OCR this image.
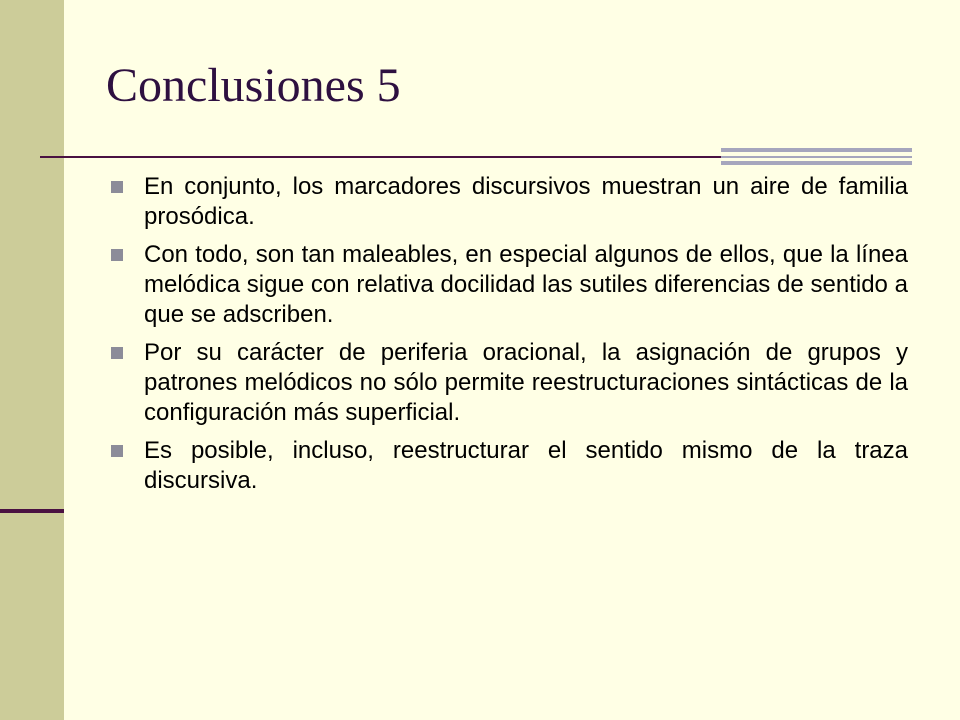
Conclusiones 5
En conjunto, los marcadores discursivos muestran un aire de familia prosódica.
Con todo, son tan maleables, en especial algunos de ellos, que la línea melódica sigue con relativa docilidad las sutiles diferencias de sentido a que se adscriben.
Por su carácter de periferia oracional, la asignación de grupos y patrones melódicos no sólo permite reestructuraciones sintácticas de la configuración más superficial.
Es posible, incluso, reestructurar el sentido mismo de la traza discursiva.
